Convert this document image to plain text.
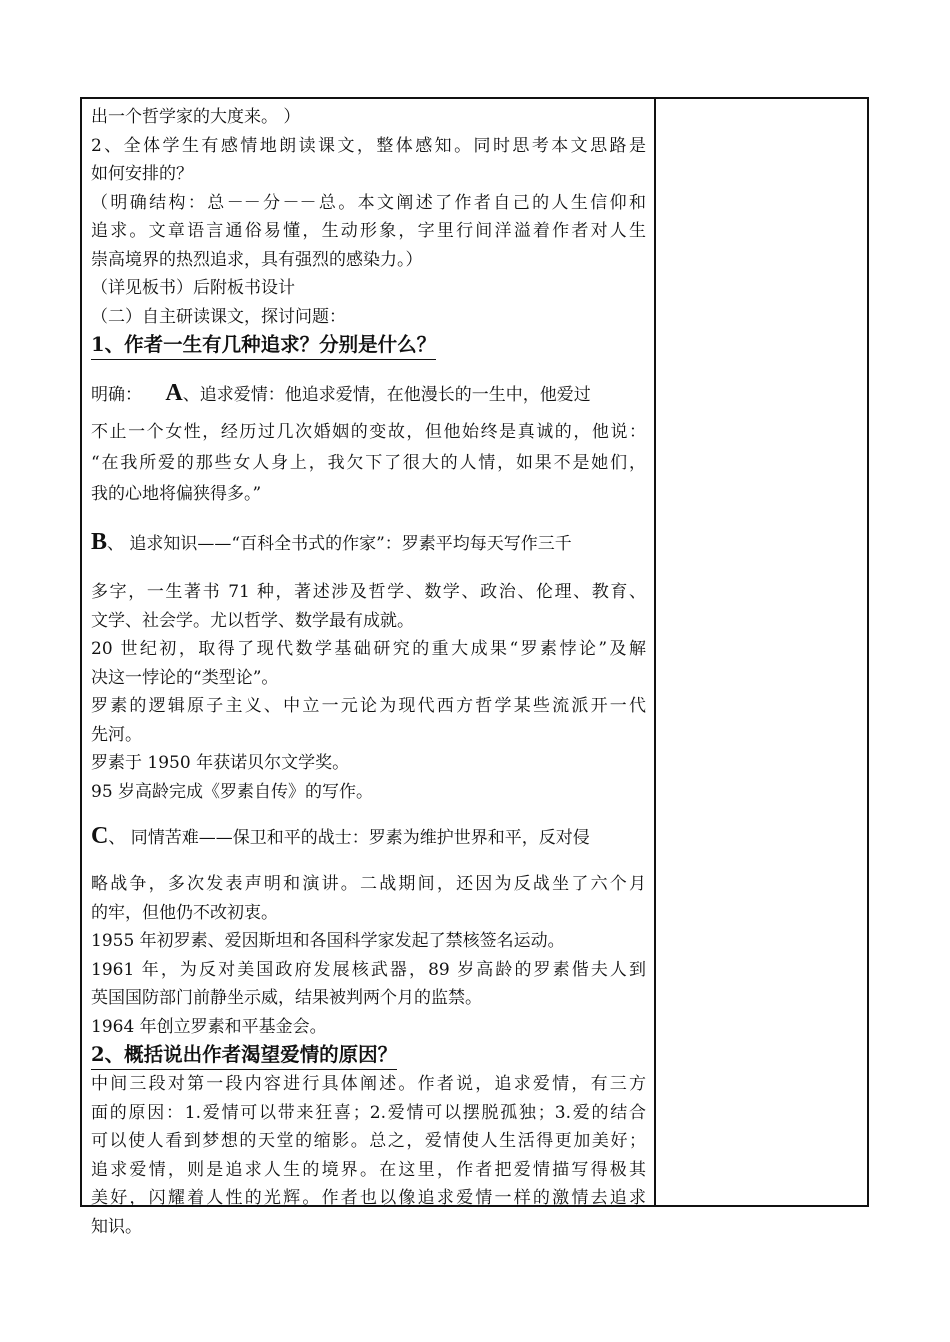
出一个哲学家的大度来。 ）
2、全体学生有感情地朗读课文，整体感知。同时思考本文思路是
如何安排的？
（明确结构：总－－分－－总。本文阐述了作者自己的人生信仰和
追求。文章语言通俗易懂，生动形象，字里行间洋溢着作者对人生
崇高境界的热烈追求，具有强烈的感染力。）
（详见板书）后附板书设计
（二）自主研读课文，探讨问题：
1、作者一生有几种追求？分别是什么？
明确： A、追求爱情：他追求爱情，在他漫长的一生中，他爱过
不止一个女性，经历过几次婚姻的变故，但他始终是真诚的，他说：
“在我所爱的那些女人身上，我欠下了很大的人情，如果不是她们，
我的心地将偏狭得多。”
B、 追求知识——“百科全书式的作家”：罗素平均每天写作三千
多字，一生著书 71 种，著述涉及哲学、数学、政治、伦理、教育、
文学、社会学。尤以哲学、数学最有成就。
20 世纪初，取得了现代数学基础研究的重大成果“罗素悖论”及解
决这一悖论的“类型论”。
罗素的逻辑原子主义、中立一元论为现代西方哲学某些流派开一代
先河。
罗素于 1950 年获诺贝尔文学奖。
95 岁高龄完成《罗素自传》的写作。
C、 同情苦难——保卫和平的战士：罗素为维护世界和平，反对侵
略战争，多次发表声明和演讲。二战期间，还因为反战坐了六个月
的牢，但他仍不改初衷。
1955 年初罗素、爱因斯坦和各国科学家发起了禁核签名运动。
1961 年，为反对美国政府发展核武器，89 岁高龄的罗素偕夫人到
英国国防部门前静坐示威，结果被判两个月的监禁。
1964 年创立罗素和平基金会。
2、概括说出作者渴望爱情的原因？
中间三段对第一段内容进行具体阐述。作者说，追求爱情，有三方
面的原因：1.爱情可以带来狂喜；2.爱情可以摆脱孤独；3.爱的结合
可以使人看到梦想的天堂的缩影。总之，爱情使人生活得更加美好；
追求爱情，则是追求人生的境界。在这里，作者把爱情描写得极其
美好，闪耀着人性的光辉。作者也以像追求爱情一样的激情去追求
知识。
